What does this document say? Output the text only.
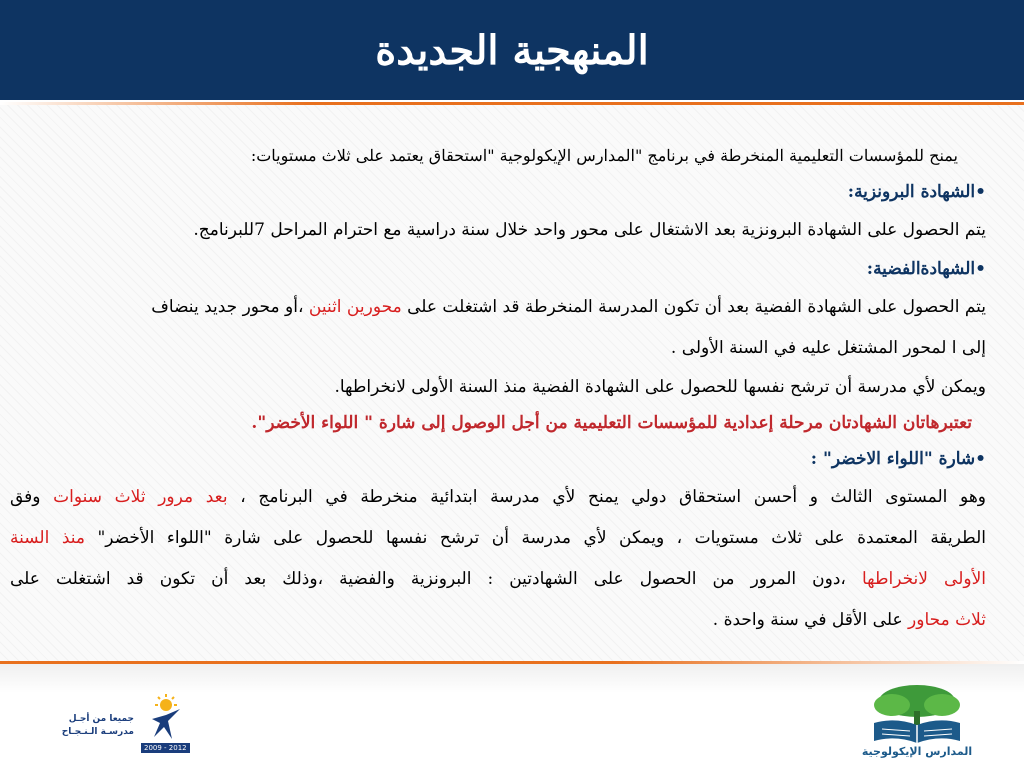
المنهجية الجديدة
يمنح للمؤسسات التعليمية المنخرطة في برنامج "المدارس الإيكولوجية "استحقاق يعتمد على ثلاث مستويات:
•الشهادة البرونزية:
يتم الحصول على الشهادة البرونزية بعد الاشتغال على محور واحد خلال سنة دراسية مع احترام المراحل 7للبرنامج.
•الشهادةالفضية:
يتم الحصول على الشهادة الفضية بعد أن تكون المدرسة المنخرطة قد اشتغلت على محورين اثنين ،أو محور جديد ينضاف
إلى ا لمحور المشتغل عليه في السنة الأولى .
ويمكن لأي مدرسة أن ترشح نفسها للحصول على الشهادة الفضية منذ السنة الأولى لانخراطها.
تعتبرهاتان الشهادتان مرحلة إعدادية للمؤسسات التعليمية من أجل الوصول إلى شارة " اللواء الأخضر".
•شارة "اللواء الاخضر" :
وهو المستوى الثالث و أحسن استحقاق دولي يمنح لأي مدرسة ابتدائية منخرطة في البرنامج ، بعد مرور ثلاث سنوات وفق
الطريقة المعتمدة على ثلاث مستويات ، ويمكن لأي مدرسة أن ترشح نفسها للحصول على شارة "اللواء الأخضر" منذ السنة
الأولى لانخراطها ،دون المرور من الحصول على الشهادتين : البرونزية والفضية ،وذلك بعد أن تكون قد اشتغلت على
ثلاث محاور على الأقل في سنة واحدة .
جميعا من أجـل
مدرسـة الـنـجـاح
2009 - 2012	المدارس الإيكولوجية
